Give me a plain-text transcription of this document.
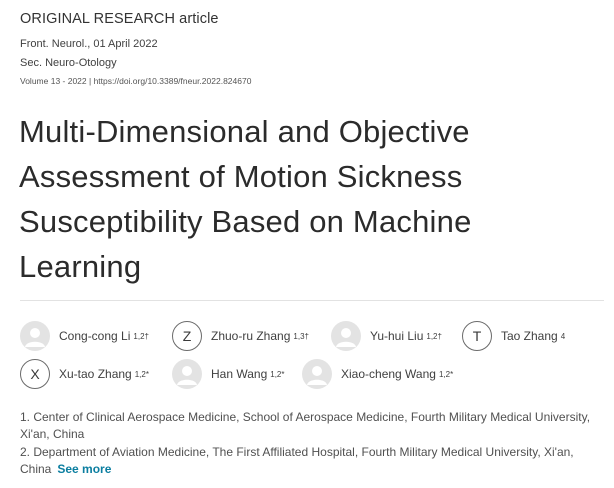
ORIGINAL RESEARCH article
Front. Neurol., 01 April 2022
Sec. Neuro-Otology
Volume 13 - 2022 | https://doi.org/10.3389/fneur.2022.824670
Multi-Dimensional and Objective Assessment of Motion Sickness Susceptibility Based on Machine Learning
Cong-cong Li 1,2†	Z	Zhuo-ru Zhang 1,3†	Yu-hui Liu 1,2†	T	Tao Zhang 4
X	Xu-tao Zhang 1,2*	Han Wang 1,2*	Xiao-cheng Wang 1,2*
1. Center of Clinical Aerospace Medicine, School of Aerospace Medicine, Fourth Military Medical University, Xi'an, China
2. Department of Aviation Medicine, The First Affiliated Hospital, Fourth Military Medical University, Xi'an, China See more
